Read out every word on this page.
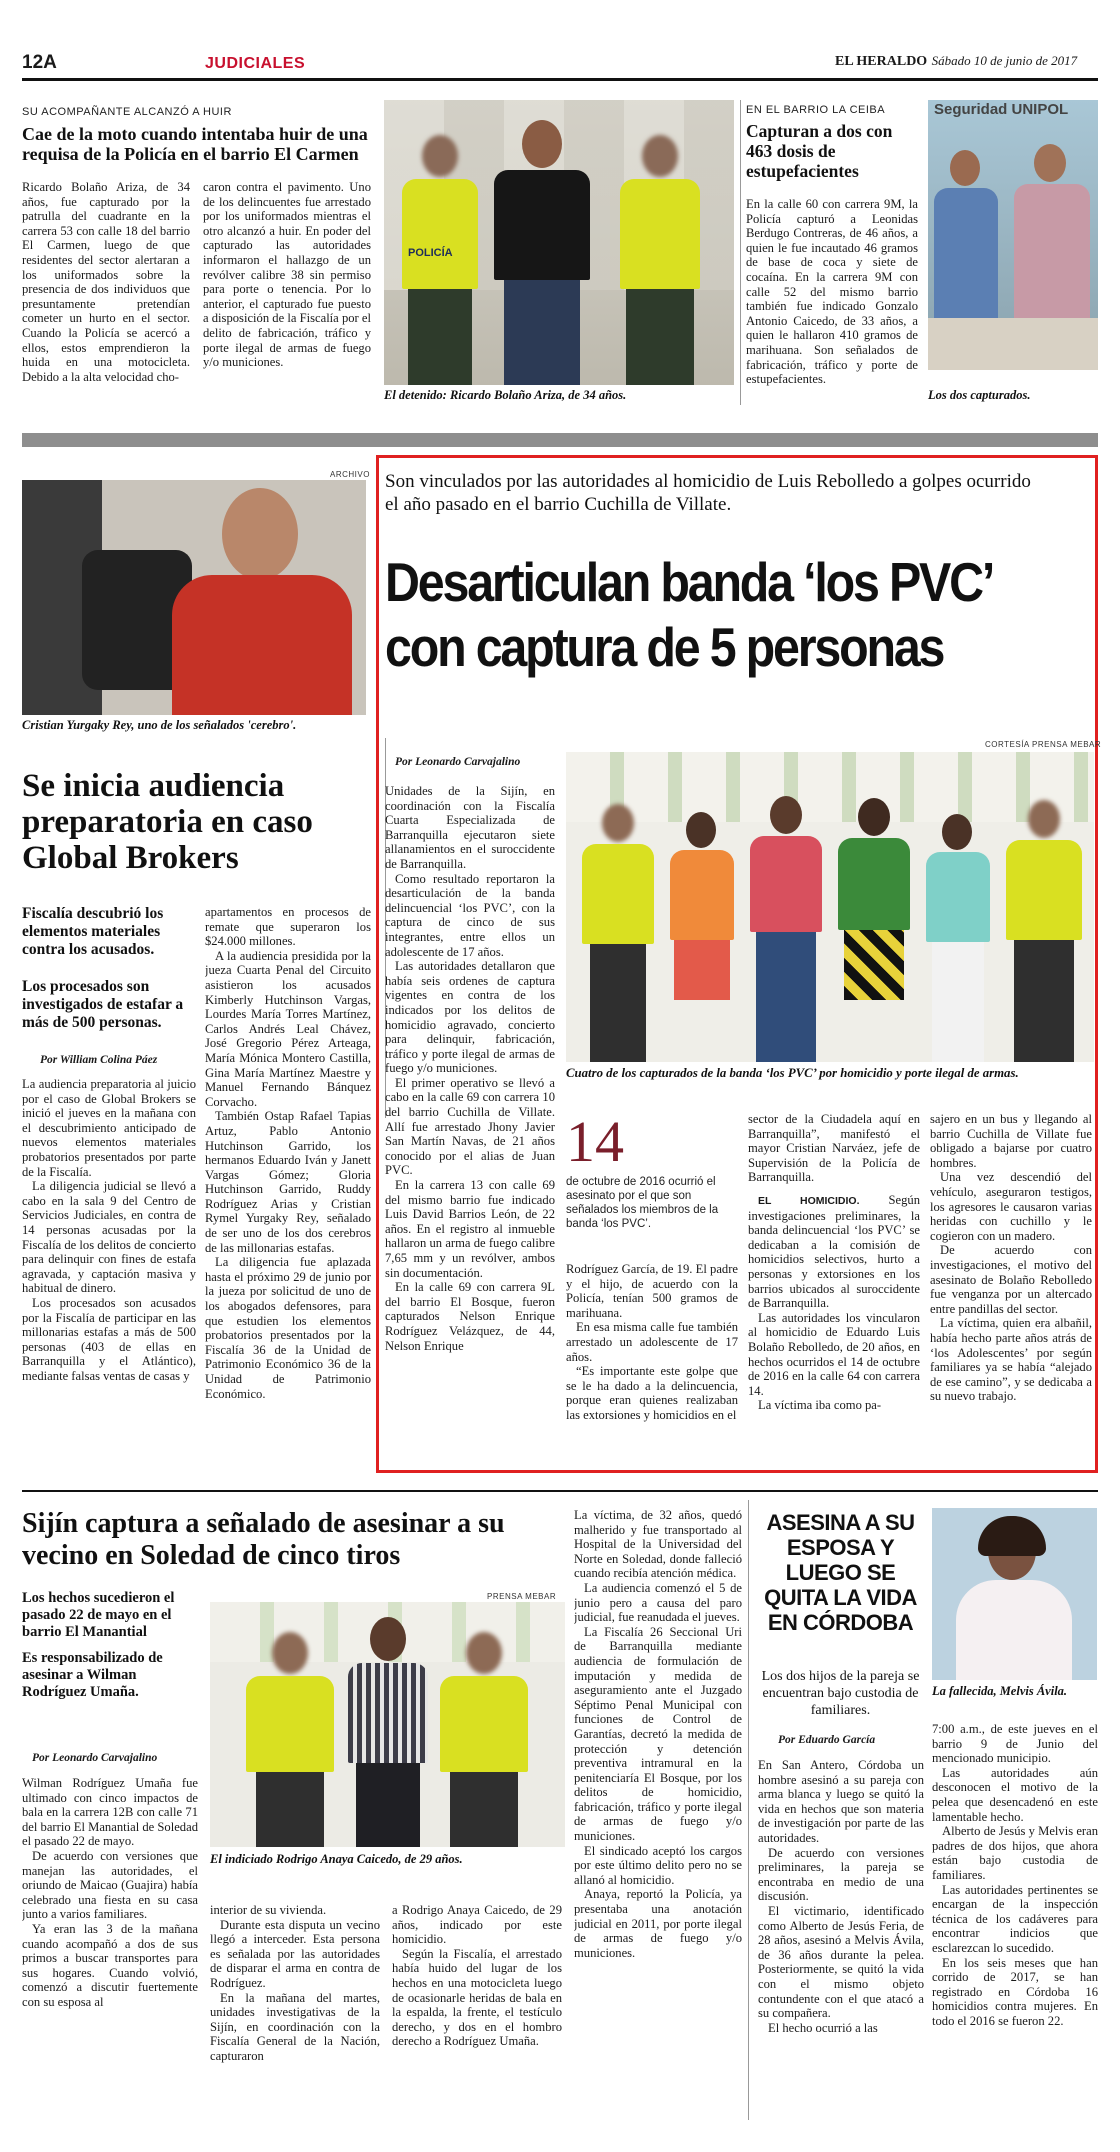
12A	JUDICIALES	EL HERALDO Sábado 10 de junio de 2017
SU ACOMPAÑANTE ALCANZÓ A HUIR
Cae de la moto cuando intentaba huir de una requisa de la Policía en el barrio El Carmen
Ricardo Bolaño Ariza, de 34 años, fue capturado por la patrulla del cuadrante en la carrera 53 con calle 18 del barrio El Carmen, luego de que residentes del sector alertaran a los uniformados sobre la presencia de dos individuos que presuntamente pretendían cometer un hurto en el sector. Cuando la Policía se acercó a ellos, estos emprendieron la huida en una motocicleta. Debido a la alta velocidad cho-
caron contra el pavimento. Uno de los delincuentes fue arrestado por los uniformados mientras el otro alcanzó a huir. En poder del capturado las autoridades informaron el hallazgo de un revólver calibre 38 sin permiso para porte o tenencia. Por lo anterior, el capturado fue puesto a disposición de la Fiscalía por el delito de fabricación, tráfico y porte ilegal de armas de fuego y/o municiones.
POLICÍA
El detenido: Ricardo Bolaño Ariza, de 34 años.
EN EL BARRIO LA CEIBA
Capturan a dos con 463 dosis de estupefacientes
En la calle 60 con carrera 9M, la Policía capturó a Leonidas Berdugo Contreras, de 46 años, a quien le fue incautado 46 gramos de base de coca y siete de cocaína. En la carrera 9M con calle 52 del mismo barrio también fue indicado Gonzalo Antonio Caicedo, de 33 años, a quien le hallaron 410 gramos de marihuana. Son señalados de fabricación, tráfico y porte de estupefacientes.
Seguridad UNIPOL
Los dos capturados.
ARCHIVO
Cristian Yurgaky Rey, uno de los señalados 'cerebro'.
Se inicia audiencia preparatoria en caso Global Brokers
Fiscalía descubrió los elementos materiales contra los acusados.
Los procesados son investigados de estafar a más de 500 personas.
Por William Colina Páez

La audiencia preparatoria al juicio por el caso de Global Brokers se inició el jueves en la mañana con el descubrimiento anticipado de nuevos elementos materiales probatorios presentados por parte de la Fiscalía.

La diligencia judicial se llevó a cabo en la sala 9 del Centro de Servicios Judiciales, en contra de 14 personas acusadas por la Fiscalía de los delitos de concierto para delinquir con fines de estafa agravada, y captación masiva y habitual de dinero.

Los procesados son acusados por la Fiscalía de participar en las millonarias estafas a más de 500 personas (403 de ellas en Barranquilla y el Atlántico), mediante falsas ventas de casas y

apartamentos en procesos de remate que superaron los $24.000 millones.

A la audiencia presidida por la jueza Cuarta Penal del Circuito asistieron los acusados Kimberly Hutchinson Vargas, Lourdes María Torres Martínez, Carlos Andrés Leal Chávez, José Gregorio Pérez Arteaga, María Mónica Montero Castilla, Gina María Martínez Maestre y Manuel Fernando Bánquez Corvacho.

También Ostap Rafael Tapias Artuz, Pablo Antonio Hutchinson Garrido, los hermanos Eduardo Iván y Janett Vargas Gómez; Gloria Hutchinson Garrido, Ruddy Rodríguez Arias y Cristian Rymel Yurgaky Rey, señalado de ser uno de los dos cerebros de las millonarias estafas.

La diligencia fue aplazada hasta el próximo 29 de junio por la jueza por solicitud de uno de los abogados defensores, para que estudien los elementos probatorios presentados por la Fiscalía 36 de la Unidad de Patrimonio Económico 36 de la Unidad de Patrimonio Económico.

Son vinculados por las autoridades al homicidio de Luis Rebolledo a golpes ocurrido el año pasado en el barrio Cuchilla de Villate.
Desarticulan banda ‘los PVC’
con captura de 5 personas
Por Leonardo Carvajalino

Unidades de la Sijín, en coordinación con la Fiscalía Cuarta Especializada de Barranquilla ejecutaron siete allanamientos en el suroccidente de Barranquilla.

Como resultado reportaron la desarticulación de la banda delincuencial ‘los PVC’, con la captura de cinco de sus integrantes, entre ellos un adolescente de 17 años.

Las autoridades detallaron que había seis ordenes de captura vigentes en contra de los indicados por los delitos de homicidio agravado, concierto para delinquir, fabricación, tráfico y porte ilegal de armas de fuego y/o municiones.

El primer operativo se llevó a cabo en la calle 69 con carrera 10 del barrio Cuchilla de Villate. Allí fue arrestado Jhony Javier San Martín Navas, de 21 años conocido por el alias de Juan PVC.

En la carrera 13 con calle 69 del mismo barrio fue indicado Luis David Barrios León, de 22 años. En el registro al inmueble hallaron un arma de fuego calibre 7,65 mm y un revólver, ambos sin documentación.

En la calle 69 con carrera 9L del barrio El Bosque, fueron capturados Nelson Enrique Rodríguez Velázquez, de 44, Nelson Enrique

CORTESÍA PRENSA MEBAR
Cuatro de los capturados de la banda ‘los PVC’ por homicidio y porte ilegal de armas.
14
de octubre de 2016 ocurrió el asesinato por el que son señalados los miembros de la banda ‘los PVC’.

Rodríguez García, de 19. El padre y el hijo, de acuerdo con la Policía, tenían 500 gramos de marihuana.

En esa misma calle fue también arrestado un adolescente de 17 años.

“Es importante este golpe que se le ha dado a la delincuencia, porque eran quienes realizaban las extorsiones y homicidios en el

sector de la Ciudadela aquí en Barranquilla”, manifestó el mayor Cristian Narváez, jefe de Supervisión de la Policía de Barranquilla.

EL HOMICIDIO. Según investigaciones preliminares, la banda delincuencial ‘los PVC’ se dedicaban a la comisión de homicidios selectivos, hurto a personas y extorsiones en los barrios ubicados al suroccidente de Barranquilla.

Las autoridades los vincularon al homicidio de Eduardo Luis Bolaño Rebolledo, de 20 años, en hechos ocurridos el 14 de octubre de 2016 en la calle 64 con carrera 14.

La víctima iba como pa-

sajero en un bus y llegando al barrio Cuchilla de Villate fue obligado a bajarse por cuatro hombres.

Una vez descendió del vehículo, aseguraron testigos, los agresores le causaron varias heridas con cuchillo y le cogieron con un madero.

De acuerdo con investigaciones, el motivo del asesinato de Bolaño Rebolledo fue venganza por un altercado entre pandillas del sector.

La víctima, quien era albañil, había hecho parte años atrás de ‘los Adolescentes’ por según familiares ya se había “alejado de ese camino”, y se dedicaba a su nuevo trabajo.

Sijín captura a señalado de asesinar a su vecino en Soledad de cinco tiros
Los hechos sucedieron el pasado 22 de mayo en el barrio El Manantial
Es responsabilizado de asesinar a Wilman Rodríguez Umaña.
Por Leonardo Carvajalino
PRENSA MEBAR
El indiciado Rodrigo Anaya Caicedo, de 29 años.

Wilman Rodríguez Umaña fue ultimado con cinco impactos de bala en la carrera 12B con calle 71 del barrio El Manantial de Soledad el pasado 22 de mayo.

De acuerdo con versiones que manejan las autoridades, el oriundo de Maicao (Guajira) había celebrado una fiesta en su casa junto a varios familiares.

Ya eran las 3 de la mañana cuando acompañó a dos de sus primos a buscar transportes para sus hogares. Cuando volvió, comenzó a discutir fuertemente con su esposa al

interior de su vivienda.

Durante esta disputa un vecino llegó a interceder. Esta persona es señalada por las autoridades de disparar el arma en contra de Rodríguez.

En la mañana del martes, unidades investigativas de la Sijín, en coordinación con la Fiscalía General de la Nación, capturaron

a Rodrigo Anaya Caicedo, de 29 años, indicado por este homicidio.

Según la Fiscalía, el arrestado había huido del lugar de los hechos en una motocicleta luego de ocasionarle heridas de bala en la espalda, la frente, el testículo derecho, y dos en el hombro derecho a Rodríguez Umaña.

La víctima, de 32 años, quedó malherido y fue transportado al Hospital de la Universidad del Norte en Soledad, donde falleció cuando recibía atención médica.

La audiencia comenzó el 5 de junio pero a causa del paro judicial, fue reanudada el jueves.

La Fiscalía 26 Seccional Uri de Barranquilla mediante audiencia de formulación de imputación y medida de aseguramiento ante el Juzgado Séptimo Penal Municipal con funciones de Control de Garantías, decretó la medida de protección y detención preventiva intramural en la penitenciaría El Bosque, por los delitos de homicidio, fabricación, tráfico y porte ilegal de armas de fuego y/o municiones.

El sindicado aceptó los cargos por este último delito pero no se allanó al homicidio.

Anaya, reportó la Policía, ya presentaba una anotación judicial en 2011, por porte ilegal de armas de fuego y/o municiones.

ASESINA A SU ESPOSA Y LUEGO SE QUITA LA VIDA EN CÓRDOBA
Los dos hijos de la pareja se encuentran bajo custodia de familiares.
Por Eduardo García
La fallecida, Melvis Ávila.

En San Antero, Córdoba un hombre asesinó a su pareja con arma blanca y luego se quitó la vida en hechos que son materia de investigación por parte de las autoridades.

De acuerdo con versiones preliminares, la pareja se encontraba en medio de una discusión.

El victimario, identificado como Alberto de Jesús Feria, de 28 años, asesinó a Melvis Ávila, de 36 años durante la pelea. Posteriormente, se quitó la vida con el mismo objeto contundente con el que atacó a su compañera.

El hecho ocurrió a las

7:00 a.m., de este jueves en el barrio 9 de Junio del mencionado municipio.

Las autoridades aún desconocen el motivo de la pelea que desencadenó en este lamentable hecho.

Alberto de Jesús y Melvis eran padres de dos hijos, que ahora están bajo custodia de familiares.

Las autoridades pertinentes se encargan de la inspección técnica de los cadáveres para encontrar indicios que esclarezcan lo sucedido.

En los seis meses que han corrido de 2017, se han registrado en Córdoba 16 homicidios contra mujeres. En todo el 2016 se fueron 22.
